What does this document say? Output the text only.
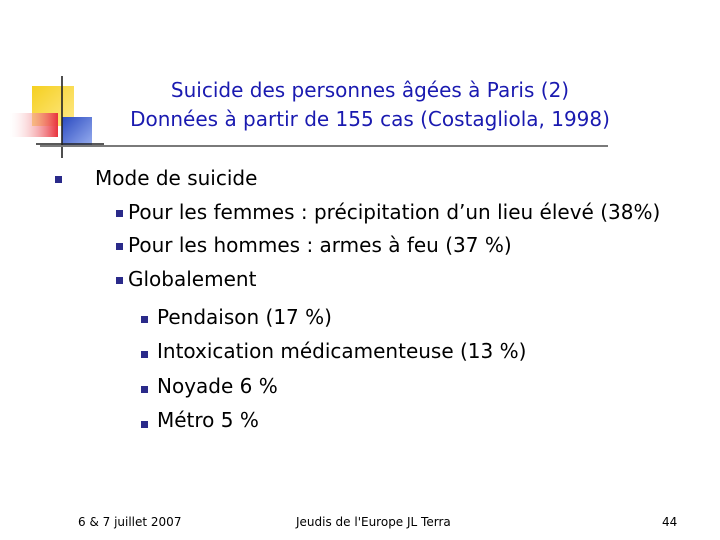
Suicide des personnes âgées à Paris (2)
Données à partir de 155 cas (Costagliola, 1998)
Mode de suicide
Pour les femmes : précipitation d’un lieu élevé (38%)
Pour les hommes : armes à feu (37 %)
Globalement
Pendaison (17 %)
Intoxication médicamenteuse (13 %)
Noyade 6 %
Métro 5 %
6 & 7 juillet 2007	Jeudis de l'Europe JL Terra	44
